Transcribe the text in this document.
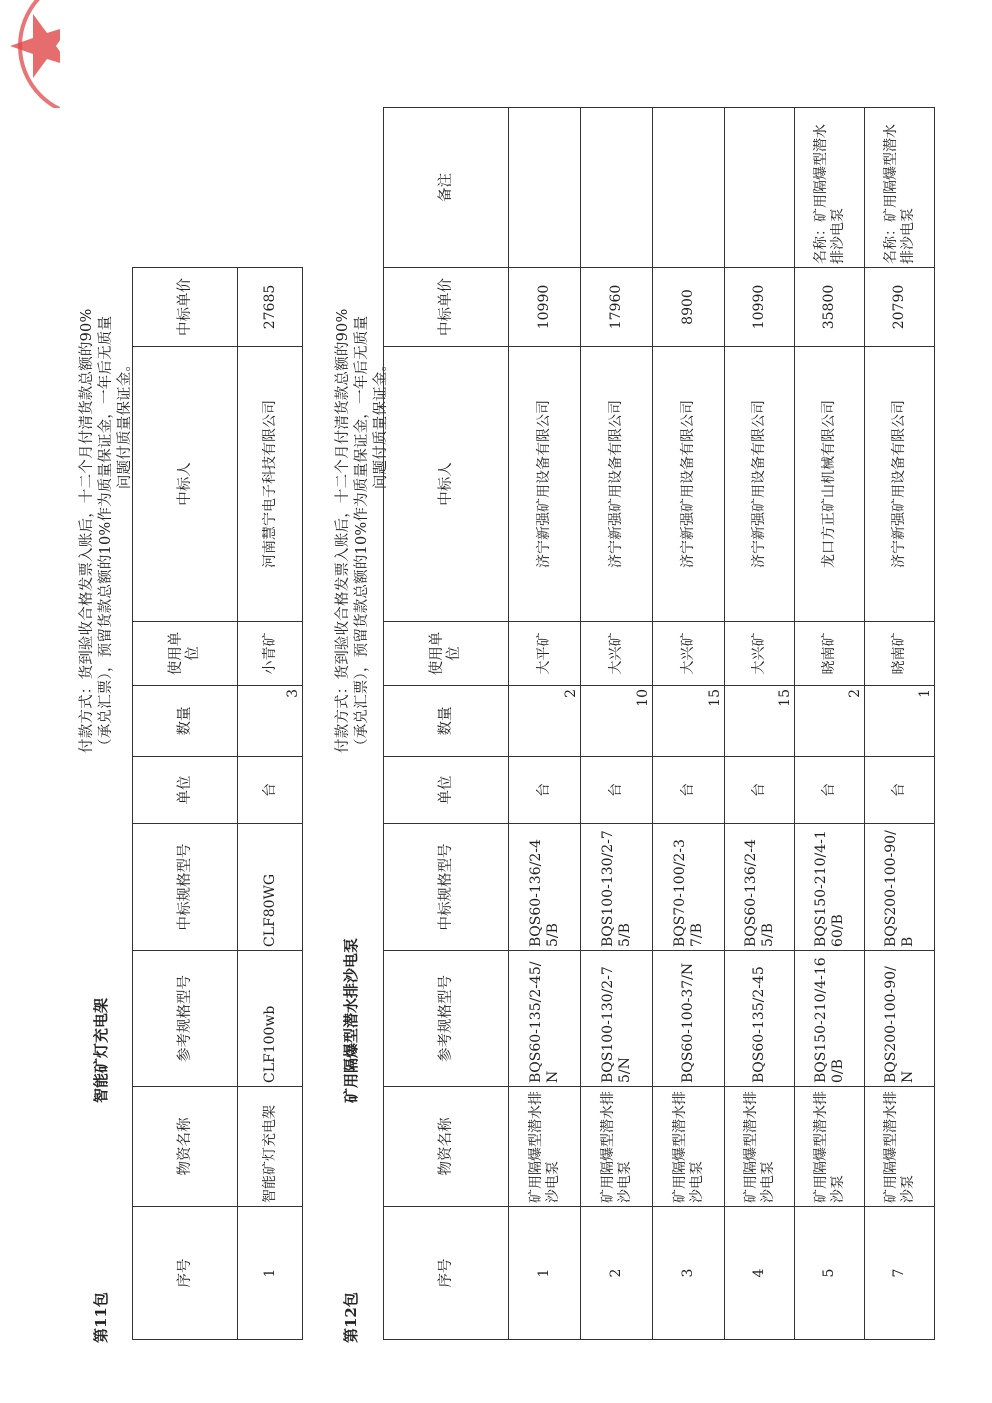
第11包
智能矿灯充电架
付款方式：货到验收合格发票入账后，十二个月付清货款总额的90% （承兑汇票），预留货款总额的10%作为质量保证金，一年后无质量 问题付质量保证金。
序号	物资名称	参考规格型号	中标规格型号	单位	数量	使用单位	中标人	中标单价
1	智能矿灯充电架	CLF100wb	CLF80WG	台	3	小青矿	河南慧宁电子科技有限公司	27685
第12包
矿用隔爆型潜水排沙电泵
付款方式：货到验收合格发票入账后，十二个月付清货款总额的90% （承兑汇票），预留货款总额的10%作为质量保证金，一年后无质量 问题付质量保证金。
序号	物资名称	参考规格型号	中标规格型号	单位	数量	使用单位	中标人	中标单价	备注
1	矿用隔爆型潜水排沙电泵	BQS60-135/2-45/N	BQS60-136/2-45/B	台	2	大平矿	济宁新强矿用设备有限公司	10990	
2	矿用隔爆型潜水排沙电泵	BQS100-130/2-75/N	BQS100-130/2-75/B	台	10	大兴矿	济宁新强矿用设备有限公司	17960	
3	矿用隔爆型潜水排沙电泵	BQS60-100-37/N	BQS70-100/2-37/B	台	15	大兴矿	济宁新强矿用设备有限公司	8900	
4	矿用隔爆型潜水排沙电泵	BQS60-135/2-45	BQS60-136/2-45/B	台	15	大兴矿	济宁新强矿用设备有限公司	10990	
5	矿用隔爆型潜水排沙泵	BQS150-210/4-160/B	BQS150-210/4-160/B	台	2	晓南矿	龙口方正矿山机械有限公司	35800	名称：矿用隔爆型潜水排沙电泵
7	矿用隔爆型潜水排沙泵	BQS200-100-90/N	BQS200-100-90/B	台	1	晓南矿	济宁新强矿用设备有限公司	20790	名称：矿用隔爆型潜水排沙电泵
